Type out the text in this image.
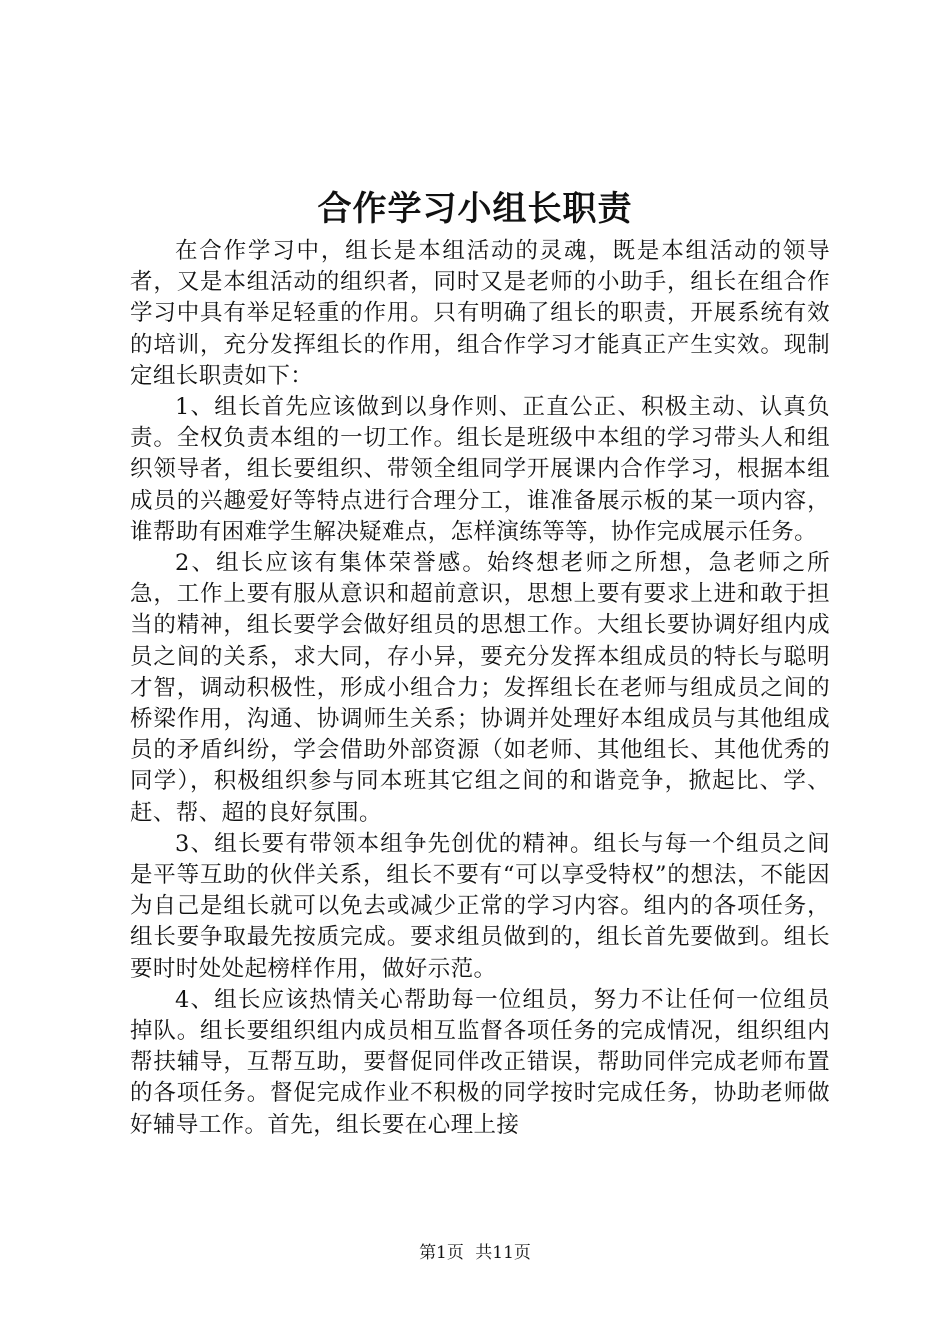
合作学习小组长职责

在合作学习中，组长是本组活动的灵魂，既是本组活动的领导者，又是本组活动的组织者，同时又是老师的小助手，组长在组合作学习中具有举足轻重的作用。只有明确了组长的职责，开展系统有效的培训，充分发挥组长的作用，组合作学习才能真正产生实效。现制定组长职责如下：

1、组长首先应该做到以身作则、正直公正、积极主动、认真负责。全权负责本组的一切工作。组长是班级中本组的学习带头人和组织领导者，组长要组织、带领全组同学开展课内合作学习，根据本组成员的兴趣爱好等特点进行合理分工，谁准备展示板的某一项内容，谁帮助有困难学生解决疑难点，怎样演练等等，协作完成展示任务。

2、组长应该有集体荣誉感。始终想老师之所想，急老师之所急，工作上要有服从意识和超前意识，思想上要有要求上进和敢于担当的精神，组长要学会做好组员的思想工作。大组长要协调好组内成员之间的关系，求大同，存小异，要充分发挥本组成员的特长与聪明才智，调动积极性，形成小组合力；发挥组长在老师与组成员之间的桥梁作用，沟通、协调师生关系；协调并处理好本组成员与其他组成员的矛盾纠纷，学会借助外部资源（如老师、其他组长、其他优秀的同学），积极组织参与同本班其它组之间的和谐竞争，掀起比、学、赶、帮、超的良好氛围。

3、组长要有带领本组争先创优的精神。组长与每一个组员之间是平等互助的伙伴关系，组长不要有“可以享受特权”的想法，不能因为自己是组长就可以免去或减少正常的学习内容。组内的各项任务，组长要争取最先按质完成。要求组员做到的，组长首先要做到。组长要时时处处起榜样作用，做好示范。

4、组长应该热情关心帮助每一位组员，努力不让任何一位组员掉队。组长要组织组内成员相互监督各项任务的完成情况，组织组内帮扶辅导，互帮互助，要督促同伴改正错误，帮助同伴完成老师布置的各项任务。督促完成作业不积极的同学按时完成任务，协助老师做好辅导工作。首先，组长要在心理上接

第1页 共11页
